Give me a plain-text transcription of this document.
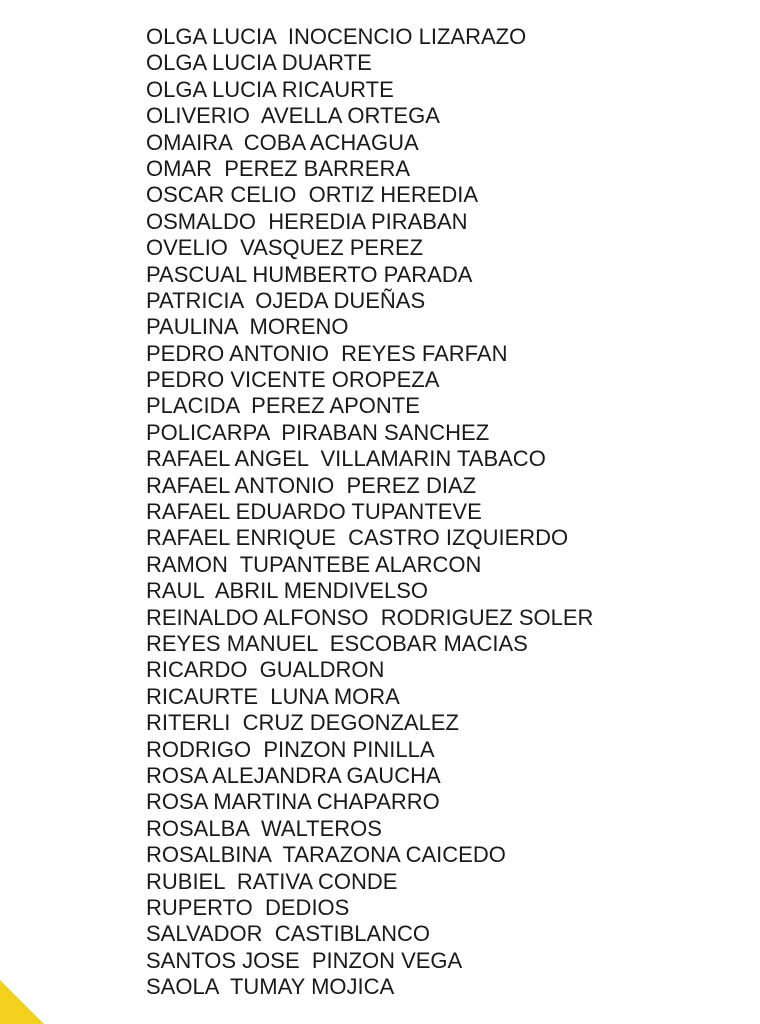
OLGA LUCIA  INOCENCIO LIZARAZO
OLGA LUCIA DUARTE
OLGA LUCIA RICAURTE
OLIVERIO  AVELLA ORTEGA
OMAIRA  COBA ACHAGUA
OMAR  PEREZ BARRERA
OSCAR CELIO  ORTIZ HEREDIA
OSMALDO  HEREDIA PIRABAN
OVELIO  VASQUEZ PEREZ
PASCUAL HUMBERTO PARADA
PATRICIA  OJEDA DUEÑAS
PAULINA  MORENO
PEDRO ANTONIO  REYES FARFAN
PEDRO VICENTE OROPEZA
PLACIDA  PEREZ APONTE
POLICARPA  PIRABAN SANCHEZ
RAFAEL ANGEL  VILLAMARIN TABACO
RAFAEL ANTONIO  PEREZ DIAZ
RAFAEL EDUARDO TUPANTEVE
RAFAEL ENRIQUE  CASTRO IZQUIERDO
RAMON  TUPANTEBE ALARCON
RAUL  ABRIL MENDIVELSO
REINALDO ALFONSO  RODRIGUEZ SOLER
REYES MANUEL  ESCOBAR MACIAS
RICARDO  GUALDRON
RICAURTE  LUNA MORA
RITERLI  CRUZ DEGONZALEZ
RODRIGO  PINZON PINILLA
ROSA ALEJANDRA GAUCHA
ROSA MARTINA CHAPARRO
ROSALBA  WALTEROS
ROSALBINA  TARAZONA CAICEDO
RUBIEL  RATIVA CONDE
RUPERTO  DEDIOS
SALVADOR  CASTIBLANCO
SANTOS JOSE  PINZON VEGA
SAOLA  TUMAY MOJICA
